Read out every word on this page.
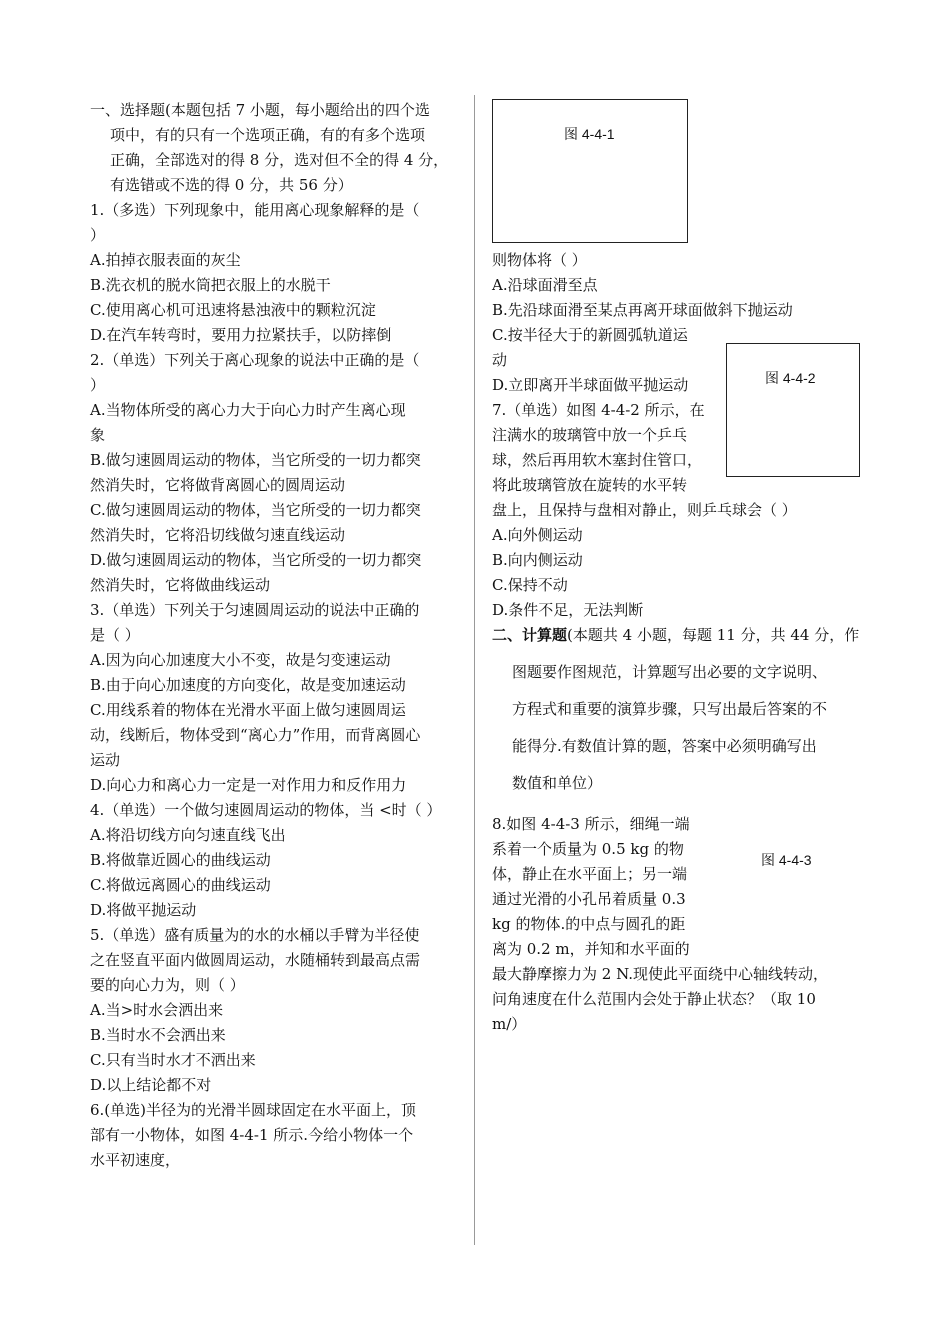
一、选择题(本题包括 7 小题，每小题给出的四个选
项中，有的只有一个选项正确，有的有多个选项
正确，全部选对的得 8 分，选对但不全的得 4 分，
有选错或不选的得 0 分，共 56 分）
1.（多选）下列现象中，能用离心现象解释的是（
）
A.拍掉衣服表面的灰尘
B.洗衣机的脱水筒把衣服上的水脱干
C.使用离心机可迅速将悬浊液中的颗粒沉淀
D.在汽车转弯时，要用力拉紧扶手，以防摔倒
2.（单选）下列关于离心现象的说法中正确的是（
）
A.当物体所受的离心力大于向心力时产生离心现
象
B.做匀速圆周运动的物体，当它所受的一切力都突
然消失时，它将做背离圆心的圆周运动
C.做匀速圆周运动的物体，当它所受的一切力都突
然消失时，它将沿切线做匀速直线运动
D.做匀速圆周运动的物体，当它所受的一切力都突
然消失时，它将做曲线运动
3.（单选）下列关于匀速圆周运动的说法中正确的
是（ ）
A.因为向心加速度大小不变，故是匀变速运动
B.由于向心加速度的方向变化，故是变加速运动
C.用线系着的物体在光滑水平面上做匀速圆周运
动，线断后，物体受到“离心力”作用，而背离圆心
运动
D.向心力和离心力一定是一对作用力和反作用力
4.（单选）一个做匀速圆周运动的物体，当 <时（ ）
A.将沿切线方向匀速直线飞出
B.将做靠近圆心的曲线运动
C.将做远离圆心的曲线运动
D.将做平抛运动
5.（单选）盛有质量为的水的水桶以手臂为半径使
之在竖直平面内做圆周运动，水随桶转到最高点需
要的向心力为，则（ ）
A.当>时水会洒出来
B.当时水不会洒出来
C.只有当时水才不洒出来
D.以上结论都不对
6.(单选)半径为的光滑半圆球固定在水平面上，顶
部有一小物体，如图 4-4-1 所示.今给小物体一个
水平初速度，
图 4-4-1
图 4-4-2
图 4-4-3
则物体将（ ）
A.沿球面滑至点
B.先沿球面滑至某点再离开球面做斜下抛运动
C.按半径大于的新圆弧轨道运
动
D.立即离开半球面做平抛运动
7.（单选）如图 4-4-2 所示，在
注满水的玻璃管中放一个乒乓
球，然后再用软木塞封住管口，
将此玻璃管放在旋转的水平转
盘上，且保持与盘相对静止，则乒乓球会（ ）
A.向外侧运动
B.向内侧运动
C.保持不动
D.条件不足，无法判断
二、计算题(本题共 4 小题，每题 11 分，共 44 分，作
图题要作图规范，计算题写出必要的文字说明、
方程式和重要的演算步骤，只写出最后答案的不
能得分.有数值计算的题，答案中必须明确写出
数值和单位）
8.如图 4-4-3 所示，细绳一端
系着一个质量为 0.5 kg 的物
体，静止在水平面上；另一端
通过光滑的小孔吊着质量 0.3
kg 的物体.的中点与圆孔的距
离为 0.2 m，并知和水平面的
最大静摩擦力为 2 N.现使此平面绕中心轴线转动，
问角速度在什么范围内会处于静止状态？（取 10
m/）
